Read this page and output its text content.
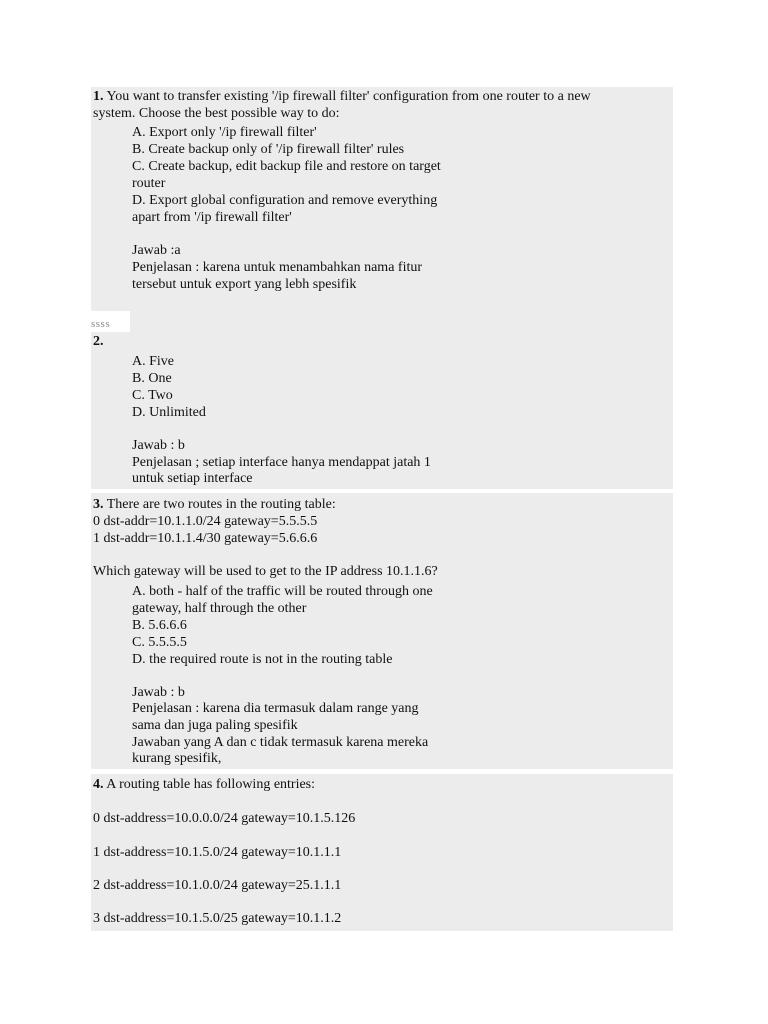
1. You want to transfer existing '/ip firewall filter' configuration from one router to a new
system. Choose the best possible way to do:
A. Export only '/ip firewall filter'
B. Create backup only of '/ip firewall filter' rules
C. Create backup, edit backup file and restore on target
router
D. Export global configuration and remove everything
apart from '/ip firewall filter'
Jawab :a
Penjelasan : karena untuk menambahkan nama fitur
tersebut untuk export yang lebh spesifik
ssss
2.
A. Five
B. One
C. Two
D. Unlimited
Jawab : b
Penjelasan ; setiap interface hanya mendappat jatah 1
untuk setiap interface
3. There are two routes in the routing table:
0 dst-addr=10.1.1.0/24 gateway=5.5.5.5
1 dst-addr=10.1.1.4/30 gateway=5.6.6.6
Which gateway will be used to get to the IP address 10.1.1.6?
A. both - half of the traffic will be routed through one
gateway, half through the other
B. 5.6.6.6
C. 5.5.5.5
D. the required route is not in the routing table
Jawab : b
Penjelasan : karena dia termasuk dalam range yang
sama dan juga paling spesifik
Jawaban yang A dan c tidak termasuk karena mereka
kurang spesifik,
4. A routing table has following entries:
0 dst-address=10.0.0.0/24 gateway=10.1.5.126
1 dst-address=10.1.5.0/24 gateway=10.1.1.1
2 dst-address=10.1.0.0/24 gateway=25.1.1.1
3 dst-address=10.1.5.0/25 gateway=10.1.1.2
